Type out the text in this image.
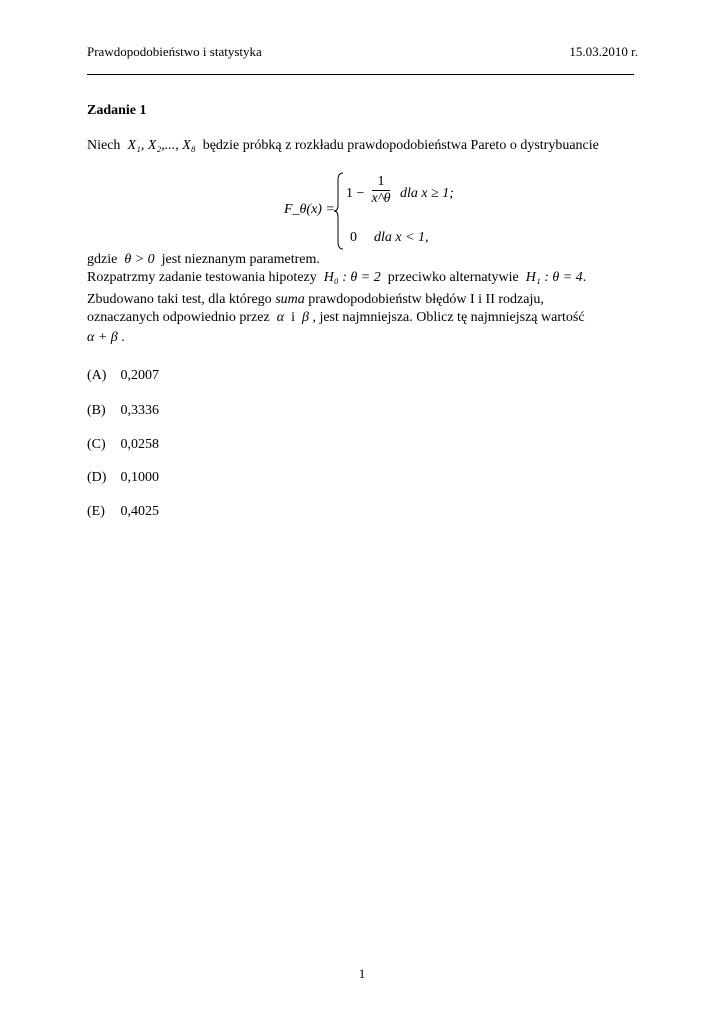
Prawdopodobieństwo i statystyka	15.03.2010 r.
Zadanie 1
Niech X₁, X₂,..., X₈ będzie próbką z rozkładu prawdopodobieństwa Pareto o dystrybuancie
F_θ(x) =
1 −
1
x^θ dla x ≥ 1;
0 dla x < 1,
gdzie θ > 0 jest nieznanym parametrem.
Rozpatrzmy zadanie testowania hipotezy H₀ : θ = 2 przeciwko alternatywie H₁ : θ = 4.
Zbudowano taki test, dla którego suma prawdopodobieństw błędów I i II rodzaju,
oznaczanych odpowiednio przez α i β , jest najmniejsza. Oblicz tę najmniejszą wartość
α + β .
(A) 0,2007
(B) 0,3336
(C) 0,0258
(D) 0,1000
(E) 0,4025
1
